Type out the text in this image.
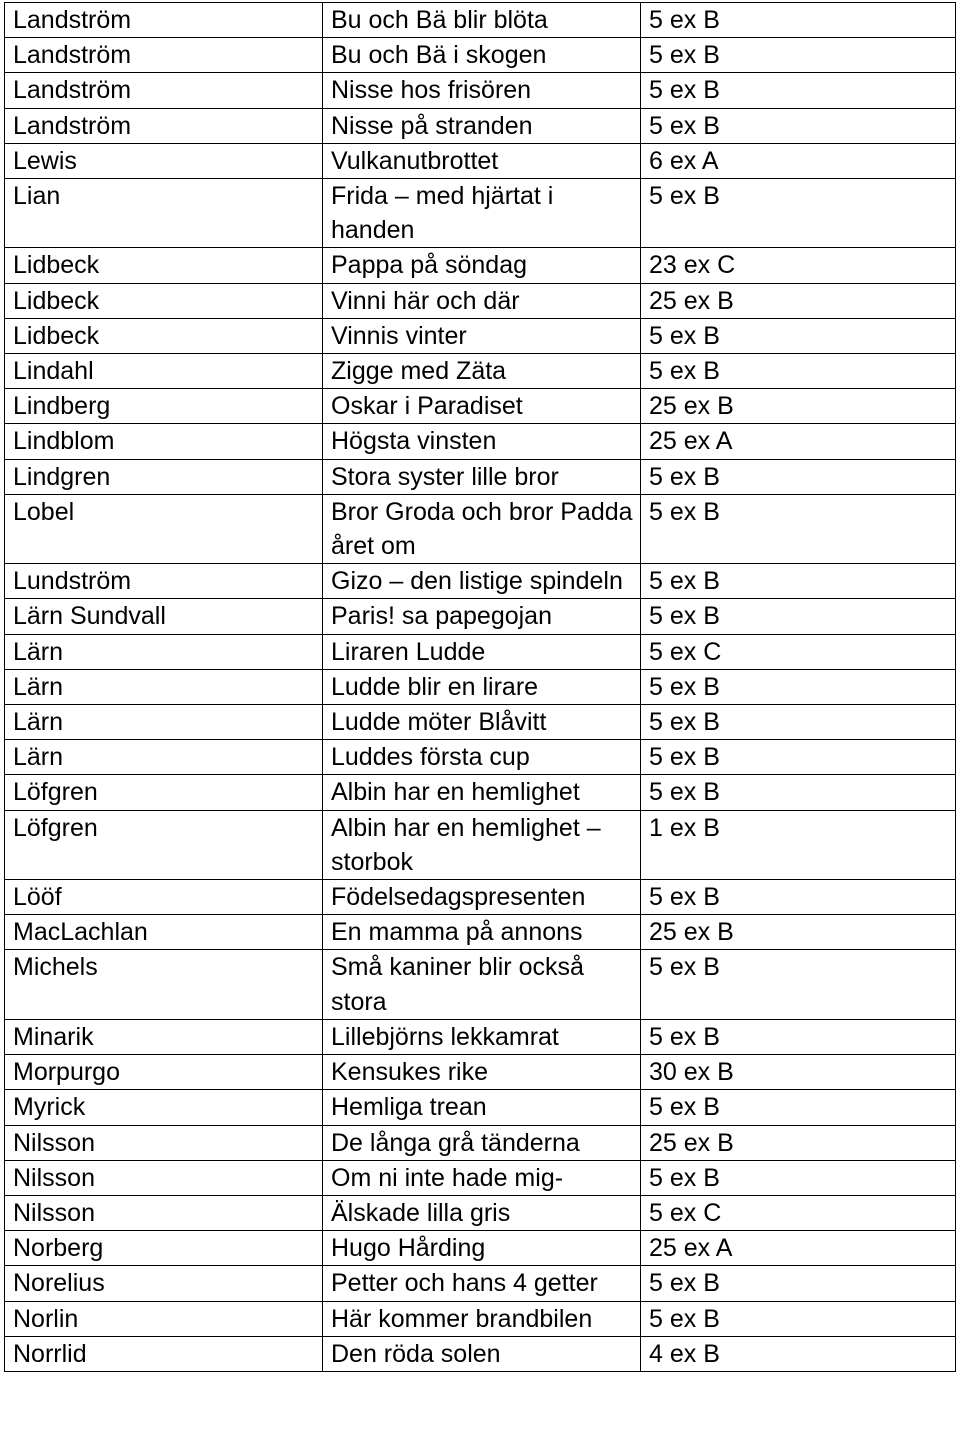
Landström	Bu och Bä blir blöta	5 ex B
Landström	Bu och Bä i skogen	5 ex B
Landström	Nisse hos frisören	5 ex B
Landström	Nisse på stranden	5 ex B
Lewis	Vulkanutbrottet	6 ex A
Lian	Frida – med hjärtat i handen	5 ex B
Lidbeck	Pappa på söndag	23 ex C
Lidbeck	Vinni här och där	25 ex B
Lidbeck	Vinnis vinter	5 ex B
Lindahl	Zigge med Zäta	5 ex B
Lindberg	Oskar i Paradiset	25 ex B
Lindblom	Högsta vinsten	25 ex A
Lindgren	Stora syster lille bror	5 ex B
Lobel	Bror Groda och bror Padda året om	5 ex B
Lundström	Gizo – den listige spindeln	5 ex B
Lärn Sundvall	Paris! sa papegojan	5 ex B
Lärn	Liraren Ludde	5 ex C
Lärn	Ludde blir en lirare	5 ex B
Lärn	Ludde möter Blåvitt	5 ex B
Lärn	Luddes första cup	5 ex B
Löfgren	Albin har en hemlighet	5 ex B
Löfgren	Albin har en hemlighet – storbok	1 ex B
Lööf	Födelsedagspresenten	5 ex B
MacLachlan	En mamma på annons	25 ex B
Michels	Små kaniner blir också stora	5 ex B
Minarik	Lillebjörns lekkamrat	5 ex B
Morpurgo	Kensukes rike	30 ex B
Myrick	Hemliga trean	5 ex B
Nilsson	De långa grå tänderna	25 ex B
Nilsson	Om ni inte hade mig-	5 ex B
Nilsson	Älskade lilla gris	5 ex C
Norberg	Hugo Hårding	25 ex A
Norelius	Petter och hans 4 getter	5 ex B
Norlin	Här kommer brandbilen	5 ex B
Norrlid	Den röda solen	4 ex B
